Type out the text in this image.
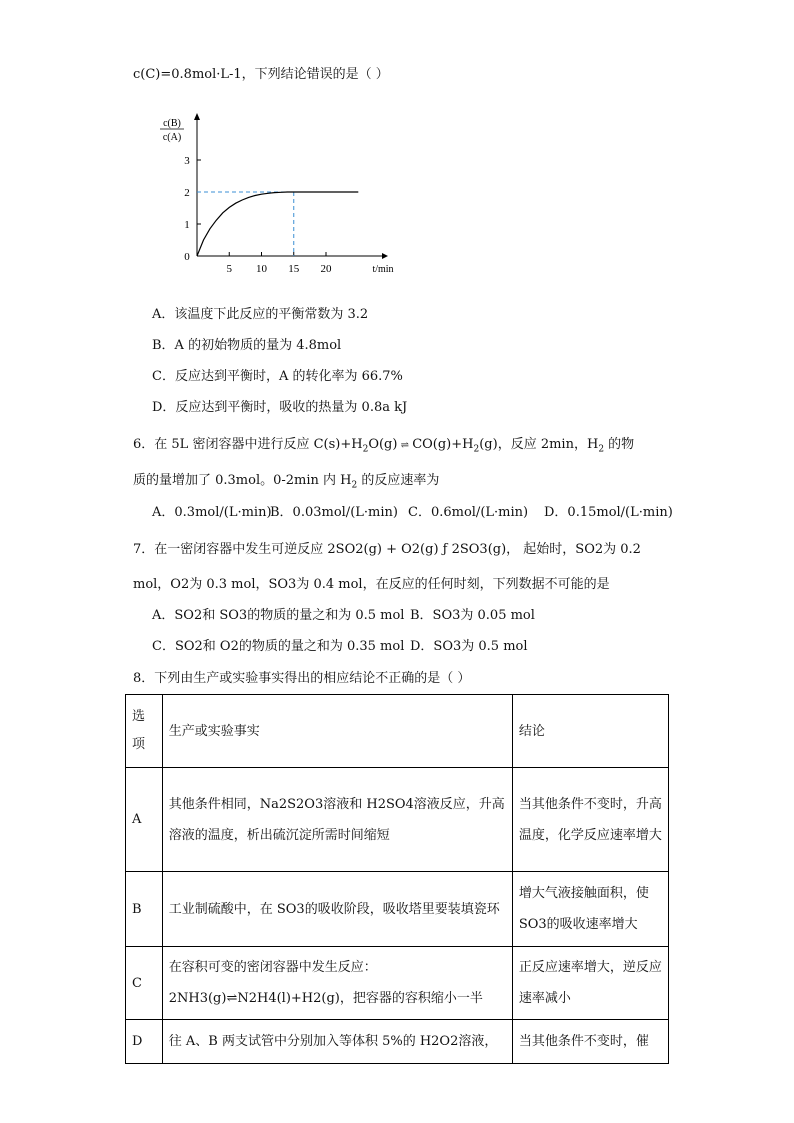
c(C)=0.8mol·L-1，下列结论错误的是（ ）
0
1
2
3
5 10 15 20
c(B)
c(A)
t/min
A．该温度下此反应的平衡常数为 3.2
B．A 的初始物质的量为 4.8mol
C．反应达到平衡时，A 的转化率为 66.7%
D．反应达到平衡时，吸收的热量为 0.8a kJ
6．在 5L 密闭容器中进行反应 $C(s)+H_2O(g)$ ⇌ $CO(g)+H_2(g)$，反应 2min，$H_2$ 的物
质的量增加了 0.3mol。0-2min 内 $H_2$ 的反应速率为
A．0.3mol/(L·min)
B．0.03mol/(L·min) C．0.6mol/(L·min) D．0.15mol/(L·min)
7．在一密闭容器中发生可逆反应 2SO2(g) + O2(g) ƒ 2SO3(g)， 起始时，SO2为 0.2
mol，O2为 0.3 mol，SO3为 0.4 mol，在反应的任何时刻，下列数据不可能的是
A．SO2和 SO3的物质的量之和为 0.5 mol B．SO3为 0.05 mol
C．SO2和 O2的物质的量之和为 0.35 mol D．SO3为 0.5 mol
8．下列由生产或实验事实得出的相应结论不正确的是（ ）
选项	生产或实验事实	结论
A	其他条件相同，Na2S2O3溶液和 H2SO4溶液反应，升高溶液的温度，析出硫沉淀所需时间缩短	当其他条件不变时，升高温度，化学反应速率增大
B	工业制硫酸中，在 SO3的吸收阶段，吸收塔里要装填瓷环	增大气液接触面积，使 SO3的吸收速率增大
C	在容积可变的密闭容器中发生反应：2NH3(g)⇌N2H4(l)+H2(g)，把容器的容积缩小一半	正反应速率增大，逆反应速率减小
D	往 A、B 两支试管中分别加入等体积 5%的 H2O2溶液，	当其他条件不变时，催
